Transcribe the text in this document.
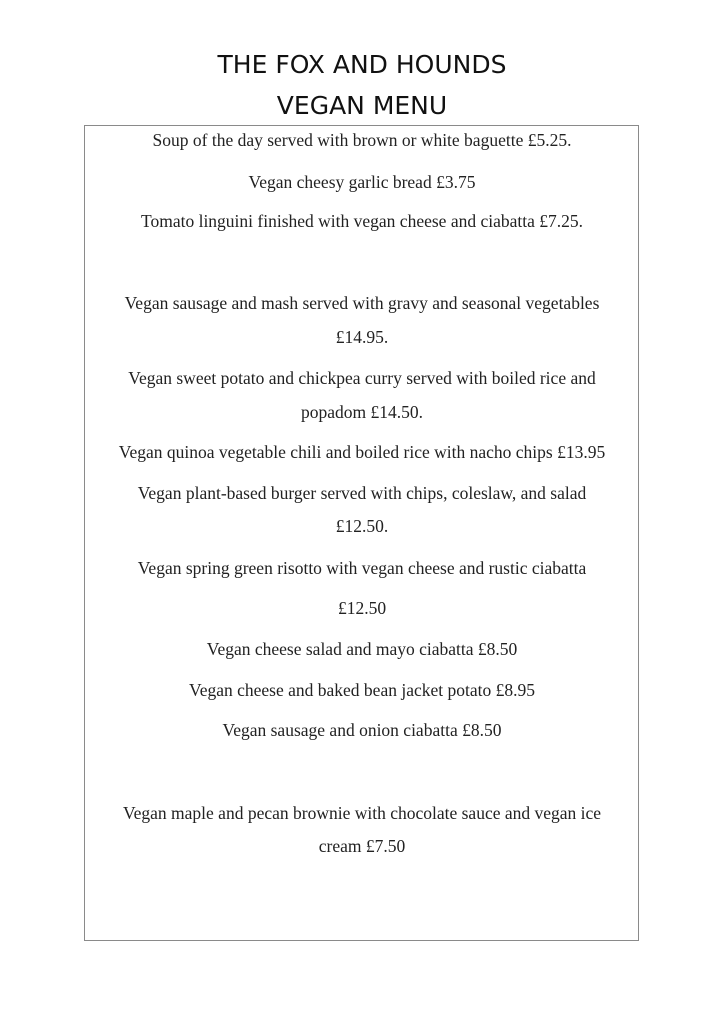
THE FOX AND HOUNDS
VEGAN MENU
Soup of the day served with brown or white baguette £5.25.
Vegan cheesy garlic bread £3.75
Tomato linguini finished with vegan cheese and ciabatta £7.25.
Vegan sausage and mash served with gravy and seasonal vegetables
£14.95.
Vegan sweet potato and chickpea curry served with boiled rice and
popadom £14.50.
Vegan quinoa vegetable chili and boiled rice with nacho chips £13.95
Vegan plant-based burger served with chips, coleslaw, and salad
£12.50.
Vegan spring green risotto with vegan cheese and rustic ciabatta
£12.50
Vegan cheese salad and mayo ciabatta £8.50
Vegan cheese and baked bean jacket potato £8.95
Vegan sausage and onion ciabatta £8.50
Vegan maple and pecan brownie with chocolate sauce and vegan ice
cream £7.50
